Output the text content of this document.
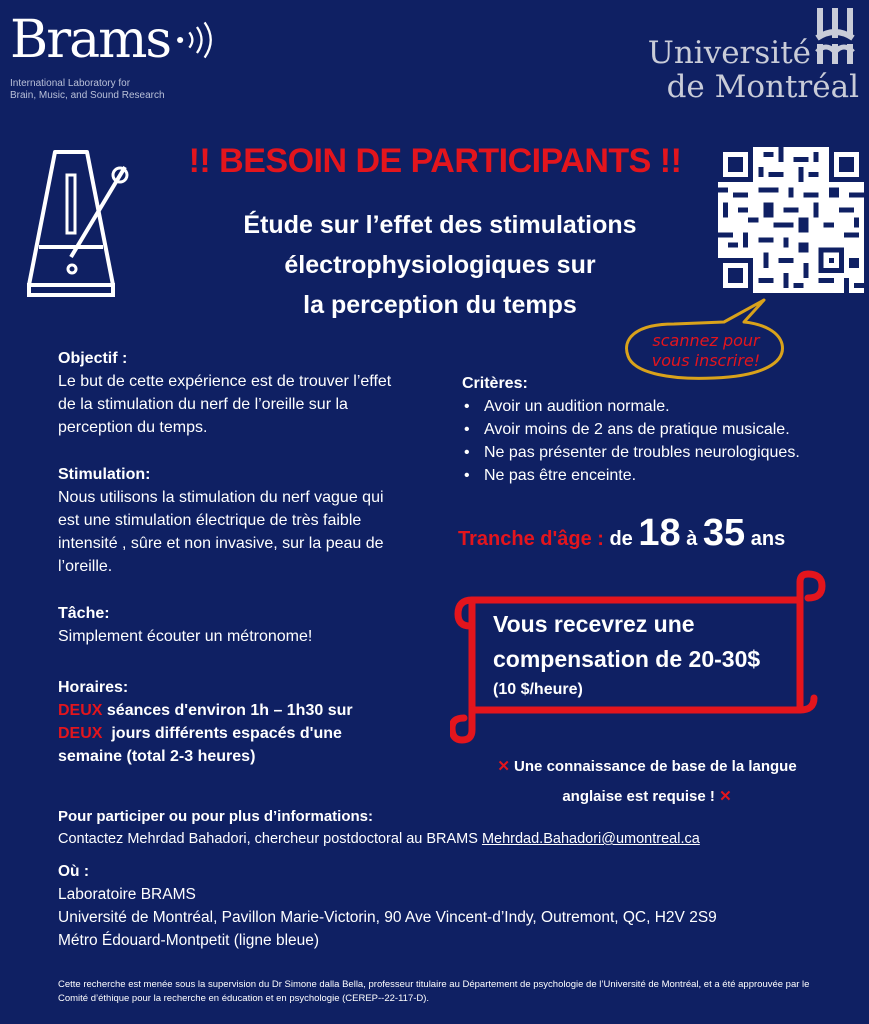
Brams
International Laboratory for
Brain, Music, and Sound Research
Université
de Montréal
!! BESOIN DE PARTICIPANTS !!
Étude sur l’effet des stimulations
électrophysiologiques sur
la perception du temps
scannez pour
vous inscrire!
Objectif :
Le but de cette expérience est de trouver l’effet de la stimulation du nerf de l’oreille sur la perception du temps.
Stimulation:
Nous utilisons la stimulation du nerf vague qui est une stimulation électrique de très faible intensité , sûre et non invasive, sur la peau de l’oreille.
Tâche:
Simplement écouter un métronome!
Horaires:
DEUX séances d'environ 1h – 1h30 sur
DEUX  jours différents espacés d'une
semaine (total 2-3 heures)
Critères:
• Avoir un audition normale.
• Avoir moins de 2 ans de pratique musicale.
• Ne pas présenter de troubles neurologiques.
• Ne pas être enceinte.
Tranche d'âge : de 18 à 35 ans
Vous recevrez une
compensation de 20-30$
(10 $/heure)
✕ Une connaissance de base de la langue
anglaise est requise ! ✕
Pour participer ou pour plus d’informations:
Contactez Mehrdad Bahadori, chercheur postdoctoral au BRAMS Mehrdad.Bahadori@umontreal.ca
Où :
Laboratoire BRAMS
Université de Montréal, Pavillon Marie-Victorin, 90 Ave Vincent-d’Indy, Outremont, QC, H2V 2S9
Métro Édouard-Montpetit (ligne bleue)
Cette recherche est menée sous la supervision du Dr Simone dalla Bella, professeur titulaire au Département de psychologie de l’Université de Montréal, et a été approuvée par le Comité d’éthique pour la recherche en éducation et en psychologie (CEREP--22-117-D).
